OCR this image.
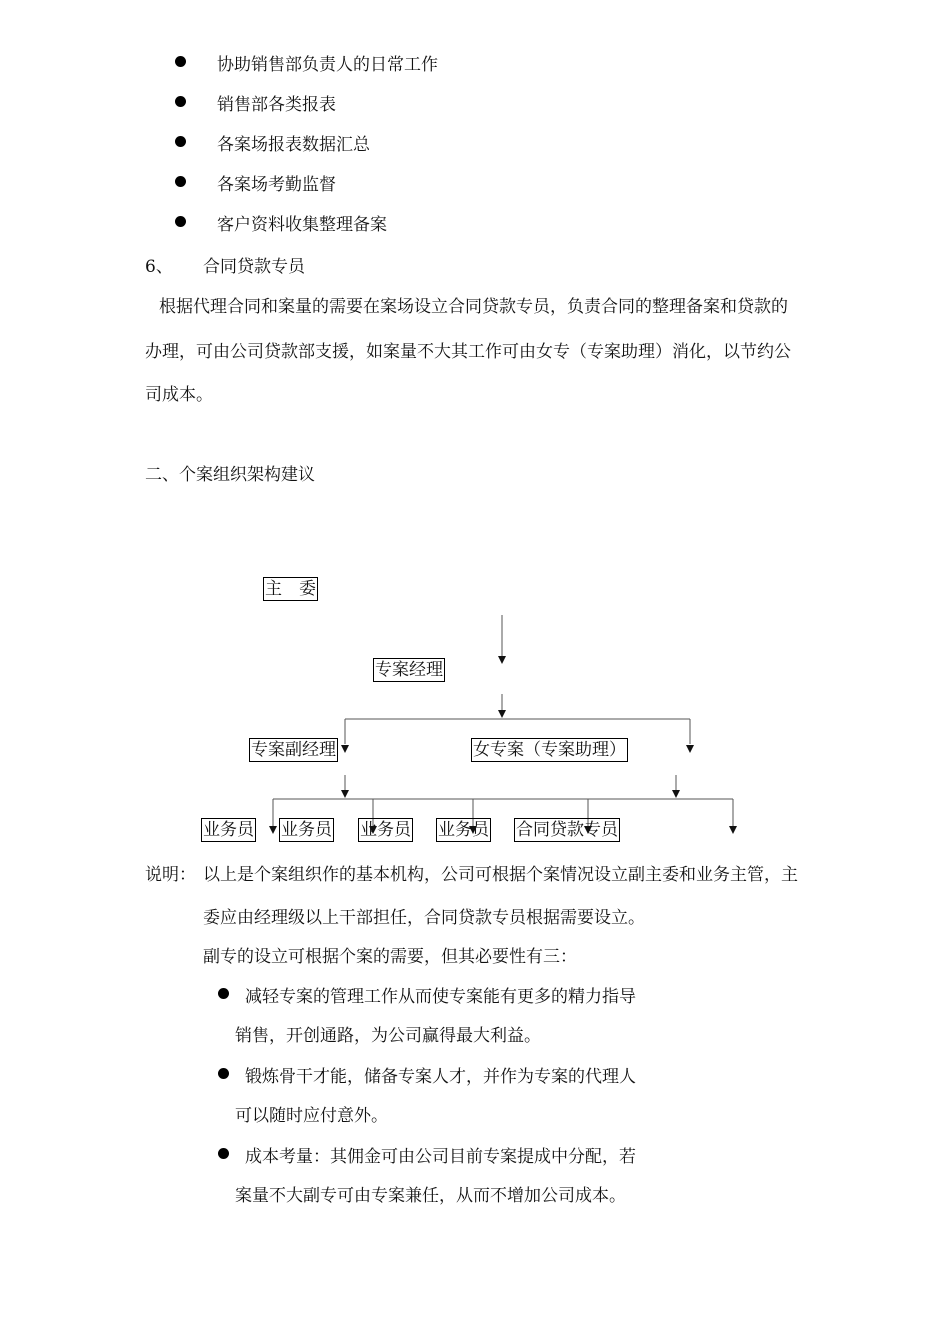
协助销售部负责人的日常工作
销售部各类报表
各案场报表数据汇总
各案场考勤监督
客户资料收集整理备案
6、 合同贷款专员
根据代理合同和案量的需要在案场设立合同贷款专员，负责合同的整理备案和贷款的
办理，可由公司贷款部支援，如案量不大其工作可由女专（专案助理）消化，以节约公
司成本。
二、个案组织架构建议
主　委
专案经理
专案副经理	女专案（专案助理）
业务员 业务员 业务员 业务员 合同贷款专员
说明： 以上是个案组织作的基本机构，公司可根据个案情况设立副主委和业务主管，主
委应由经理级以上干部担任，合同贷款专员根据需要设立。
副专的设立可根据个案的需要，但其必要性有三：
减轻专案的管理工作从而使专案能有更多的精力指导
销售，开创通路，为公司赢得最大利益。
锻炼骨干才能，储备专案人才，并作为专案的代理人
可以随时应付意外。
成本考量：其佣金可由公司目前专案提成中分配，若
案量不大副专可由专案兼任，从而不增加公司成本。
